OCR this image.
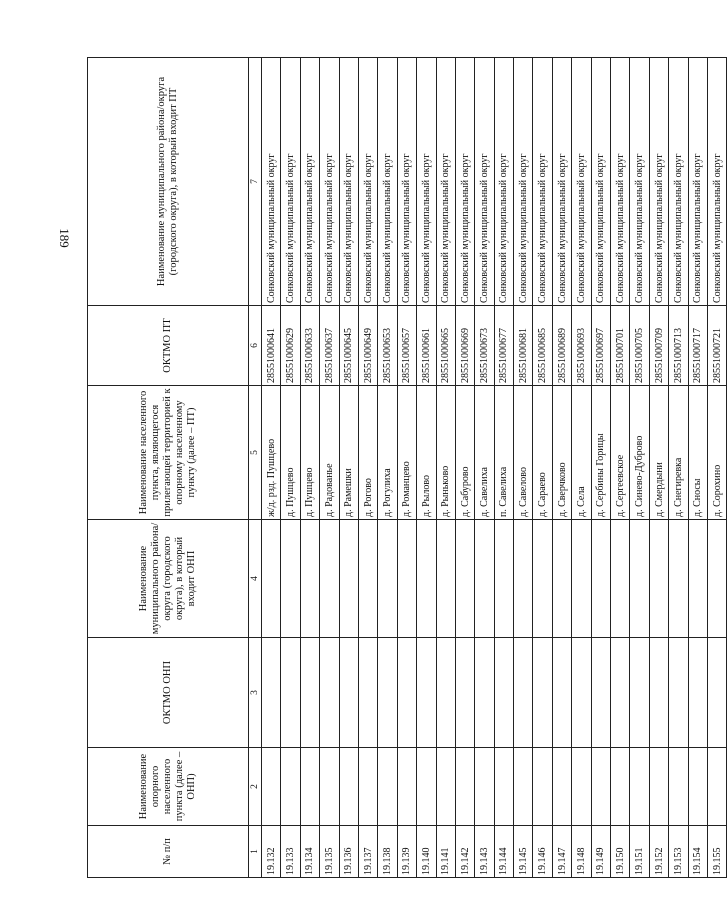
189
№ п/п	Наименование опорного населенного пункта (далее – ОНП)	ОКТМО ОНП	Наименование муниципального района/округа (городского округа), в который входит ОНП	Наименование населенного пункта, являющегося прилегающей территорией к опорному населенному пункту (далее – ПТ)	ОКТМО ПТ	Наименование муниципального района/округа (городского округа), в который входит ПТ
1	2	3	4	5	6	7
19.132				ж/д. рзд. Пушцево	28551000641	Сонковский муниципальный округ
19.133				д. Пушцево	28551000629	Сонковский муниципальный округ
19.134				д. Пушцево	28551000633	Сонковский муниципальный округ
19.135				д. Радованье	28551000637	Сонковский муниципальный округ
19.136				д. Рамешки	28551000645	Сонковский муниципальный округ
19.137				д. Рогово	28551000649	Сонковский муниципальный округ
19.138				д. Рогулиха	28551000653	Сонковский муниципальный округ
19.139				д. Романцево	28551000657	Сонковский муниципальный округ
19.140				д. Рылово	28551000661	Сонковский муниципальный округ
19.141				д. Рыньково	28551000665	Сонковский муниципальный округ
19.142				д. Сабурово	28551000669	Сонковский муниципальный округ
19.143				д. Савелиха	28551000673	Сонковский муниципальный округ
19.144				п. Савелиха	28551000677	Сонковский муниципальный округ
19.145				д. Савелово	28551000681	Сонковский муниципальный округ
19.146				д. Сарaево	28551000685	Сонковский муниципальный округ
19.147				д. Сверчково	28551000689	Сонковский муниципальный округ
19.148				д. Села	28551000693	Сонковский муниципальный округ
19.149				д. Сербины Горицы	28551000697	Сонковский муниципальный округ
19.150				д. Сергеевское	28551000701	Сонковский муниципальный округ
19.151				д. Синево-Дуброво	28551000705	Сонковский муниципальный округ
19.152				д. Смердыни	28551000709	Сонковский муниципальный округ
19.153				д. Снегиревка	28551000713	Сонковский муниципальный округ
19.154				д. Сносы	28551000717	Сонковский муниципальный округ
19.155				д. Сорохино	28551000721	Сонковский муниципальный округ
